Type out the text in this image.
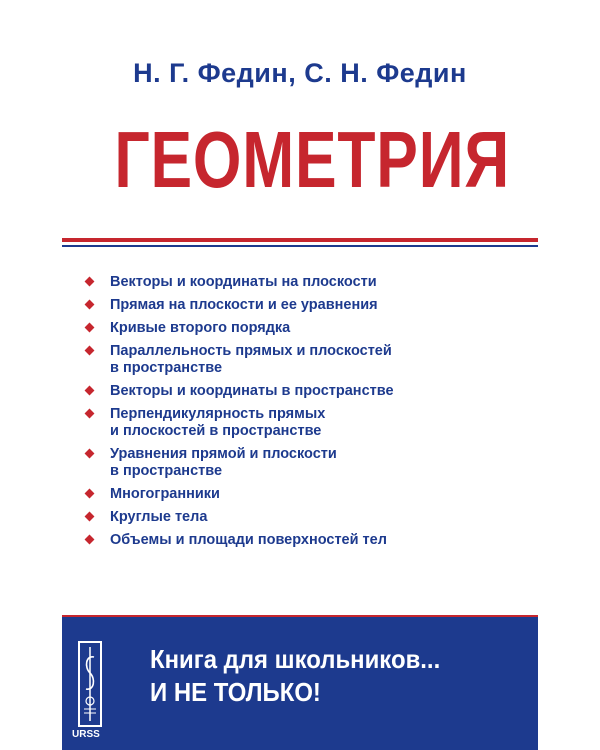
Н. Г. Федин, С. Н. Федин
ГЕОМЕТРИЯ
Векторы и координаты на плоскости
Прямая на плоскости и ее уравнения
Кривые второго порядка
Параллельность прямых и плоскостей
в пространстве
Векторы и координаты в пространстве
Перпендикулярность прямых
и плоскостей в пространстве
Уравнения прямой и плоскости
в пространстве
Многогранники
Круглые тела
Объемы и площади поверхностей тел
URSS
Книга для школьников...
И НЕ ТОЛЬКО!
